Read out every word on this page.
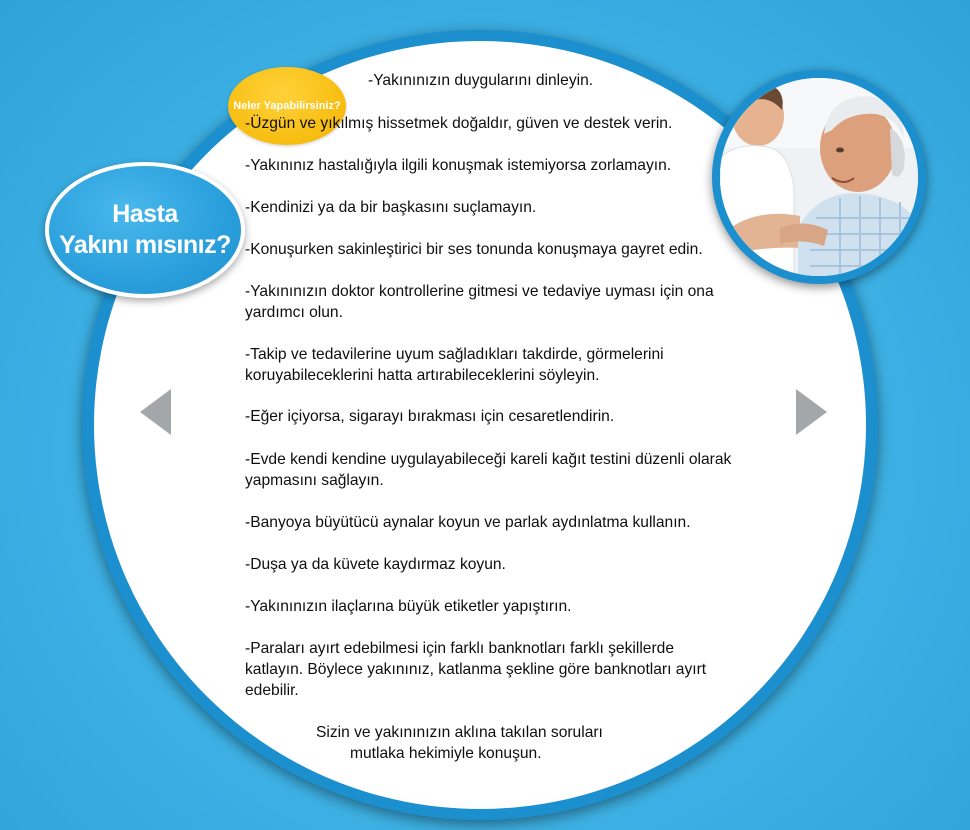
Hasta
Yakını mısınız?
Neler Yapabilirsiniz?
-Yakınınızın duygularını dinleyin.
-Üzgün ve yıkılmış hissetmek doğaldır, güven ve destek verin.
-Yakınınız hastalığıyla ilgili konuşmak istemiyorsa zorlamayın.
-Kendinizi ya da bir başkasını suçlamayın.
-Konuşurken sakinleştirici bir ses tonunda konuşmaya gayret edin.
-Yakınınızın doktor kontrollerine gitmesi ve tedaviye uyması için ona
yardımcı olun.
-Takip ve tedavilerine uyum sağladıkları takdirde, görmelerini
koruyabileceklerini hatta artırabileceklerini söyleyin.
-Eğer içiyorsa, sigarayı bırakması için cesaretlendirin.
-Evde kendi kendine uygulayabileceği kareli kağıt testini düzenli olarak
yapmasını sağlayın.
-Banyoya büyütücü aynalar koyun ve parlak aydınlatma kullanın.
-Duşa ya da küvete kaydırmaz koyun.
-Yakınınızın ilaçlarına büyük etiketler yapıştırın.
-Paraları ayırt edebilmesi için farklı banknotları farklı şekillerde
katlayın. Böylece yakınınız, katlanma şekline göre banknotları ayırt
edebilir.
Sizin ve yakınınızın aklına takılan soruları
mutlaka hekimiyle konuşun.
